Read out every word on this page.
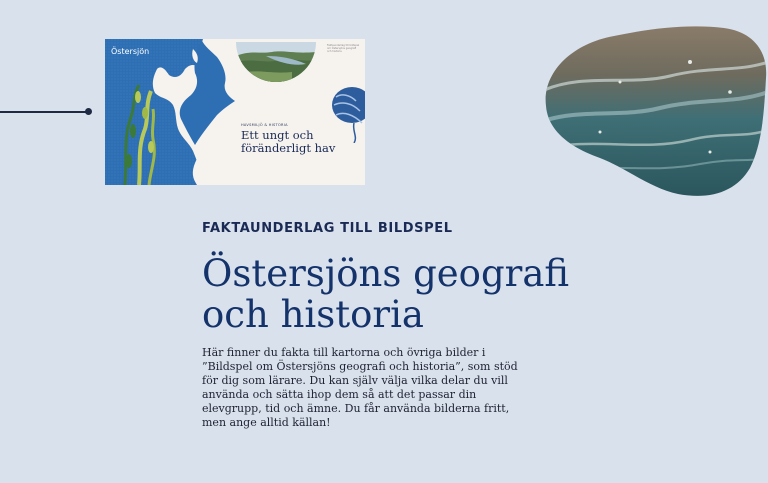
Östersjön
Faktaunderlag till bildspel om Östersjöns geografi och historia
HAVSMILJÖ & HISTORIA
Ett ungt och föränderligt hav

FAKTAUNDERLAG TILL BILDSPEL

Östersjöns geografi och historia

Här finner du fakta till kartorna och övriga bilder i ”Bildspel om Östersjöns geografi och historia”, som stöd för dig som lärare. Du kan själv välja vilka delar du vill använda och sätta ihop dem så att det passar din elevgrupp, tid och ämne. Du får använda bilderna fritt, men ange alltid källan!
